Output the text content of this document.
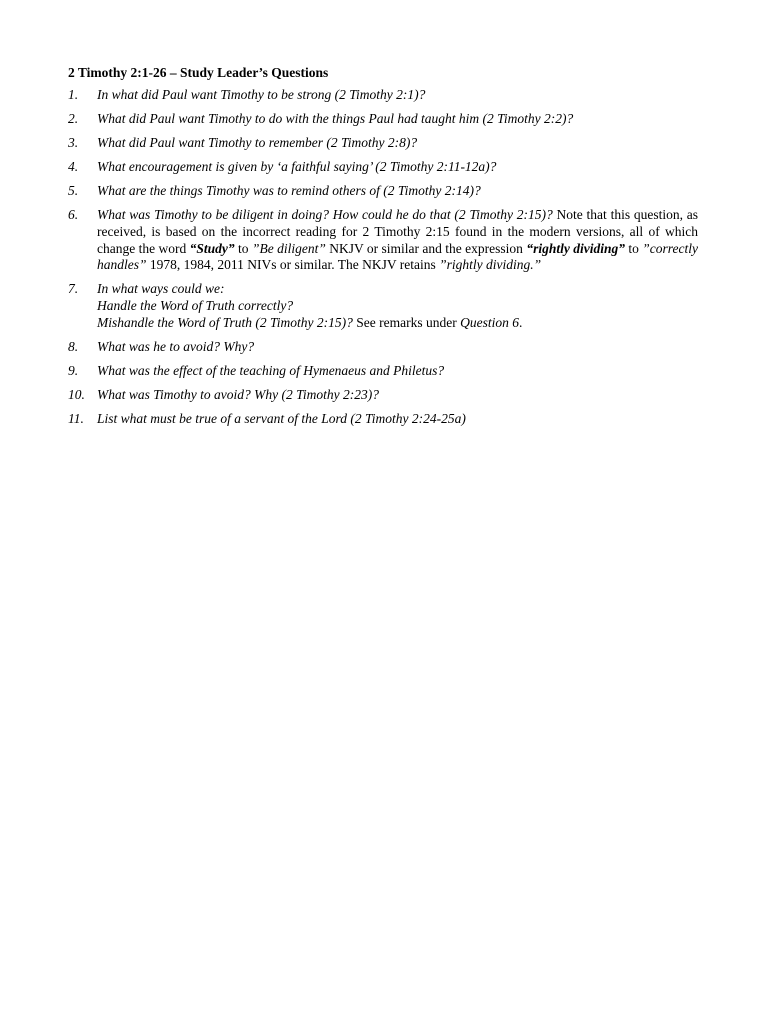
2 Timothy 2:1-26 – Study Leader’s Questions
1.	In what did Paul want Timothy to be strong (2 Timothy 2:1)?
2.	What did Paul want Timothy to do with the things Paul had taught him (2 Timothy 2:2)?
3.	What did Paul want Timothy to remember (2 Timothy 2:8)?
4.	What encouragement is given by ‘a faithful saying’ (2 Timothy 2:11-12a)?
5.	What are the things Timothy was to remind others of (2 Timothy 2:14)?
6.	What was Timothy to be diligent in doing? How could he do that (2 Timothy 2:15)? Note that this question, as received, is based on the incorrect reading for 2 Timothy 2:15 found in the modern versions, all of which change the word “Study” to ”Be diligent” NKJV or similar and the expression “rightly dividing” to ”correctly handles” 1978, 1984, 2011 NIVs or similar. The NKJV retains ”rightly dividing.”
7.	In what ways could we:
Handle the Word of Truth correctly?
Mishandle the Word of Truth (2 Timothy 2:15)? See remarks under Question 6.
8.	What was he to avoid? Why?
9.	What was the effect of the teaching of Hymenaeus and Philetus?
10. What was Timothy to avoid? Why (2 Timothy 2:23)?
11. List what must be true of a servant of the Lord (2 Timothy 2:24-25a)
